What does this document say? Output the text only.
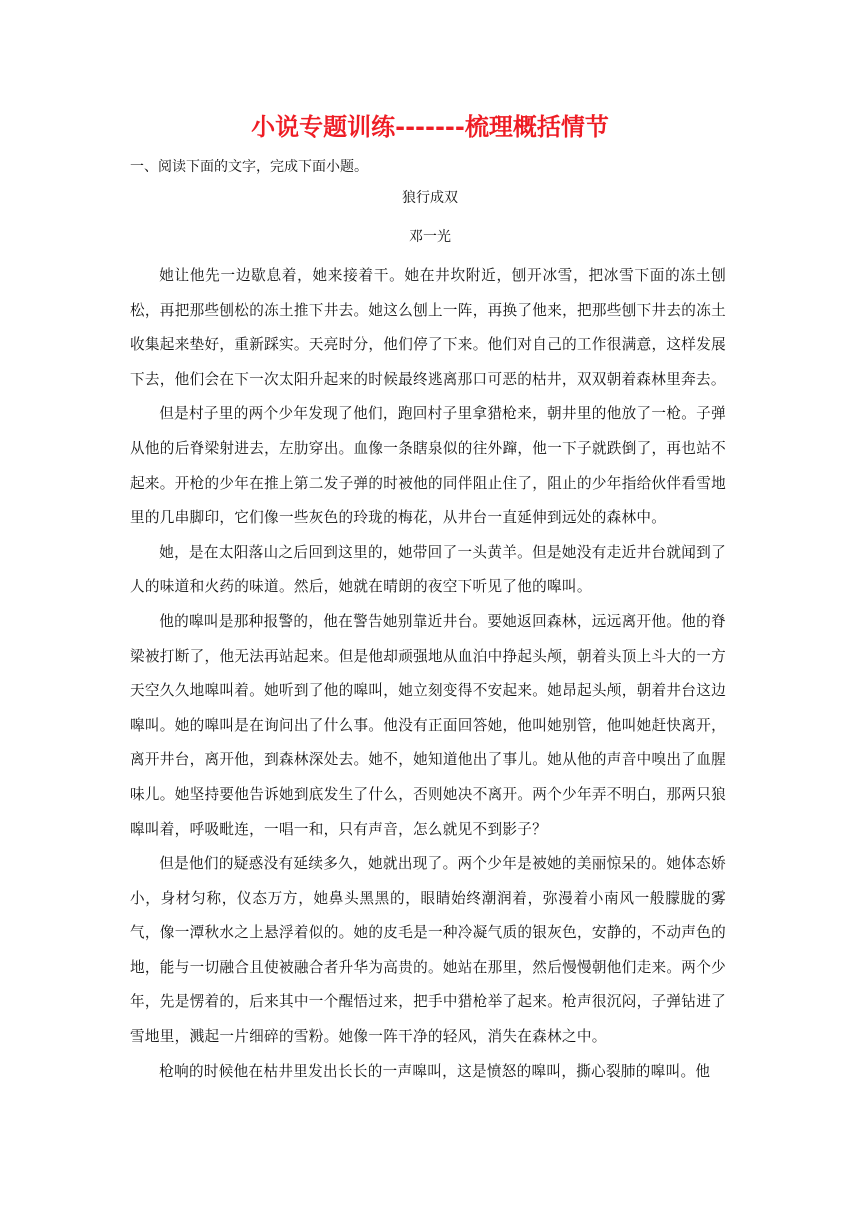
小说专题训练-------梳理概括情节

一、阅读下面的文字，完成下面小题。

狼行成双

邓一光

她让他先一边歇息着，她来接着干。她在井坎附近，刨开冰雪，把冰雪下面的冻土刨松，再把那些刨松的冻土推下井去。她这么刨上一阵，再换了他来，把那些刨下井去的冻土收集起来垫好，重新踩实。天亮时分，他们停了下来。他们对自己的工作很满意，这样发展下去，他们会在下一次太阳升起来的时候最终逃离那口可恶的枯井，双双朝着森林里奔去。

但是村子里的两个少年发现了他们，跑回村子里拿猎枪来，朝井里的他放了一枪。子弹从他的后脊梁射进去，左肋穿出。血像一条瞎泉似的往外蹿，他一下子就跌倒了，再也站不起来。开枪的少年在推上第二发子弹的时被他的同伴阻止住了，阻止的少年指给伙伴看雪地里的几串脚印，它们像一些灰色的玲珑的梅花，从井台一直延伸到远处的森林中。

她，是在太阳落山之后回到这里的，她带回了一头黄羊。但是她没有走近井台就闻到了人的味道和火药的味道。然后，她就在晴朗的夜空下听见了他的嗥叫。

他的嗥叫是那种报警的，他在警告她别靠近井台。要她返回森林，远远离开他。他的脊梁被打断了，他无法再站起来。但是他却顽强地从血泊中挣起头颅，朝着头顶上斗大的一方天空久久地嗥叫着。她听到了他的嗥叫，她立刻变得不安起来。她昂起头颅，朝着井台这边嗥叫。她的嗥叫是在询问出了什么事。他没有正面回答她，他叫她别管，他叫她赶快离开，离开井台，离开他，到森林深处去。她不，她知道他出了事儿。她从他的声音中嗅出了血腥味儿。她坚持要他告诉她到底发生了什么，否则她决不离开。两个少年弄不明白，那两只狼嗥叫着，呼吸毗连，一唱一和，只有声音，怎么就见不到影子？

但是他们的疑惑没有延续多久，她就出现了。两个少年是被她的美丽惊呆的。她体态娇小，身材匀称，仪态万方，她鼻头黑黑的，眼睛始终潮润着，弥漫着小南风一般朦胧的雾气，像一潭秋水之上悬浮着似的。她的皮毛是一种冷凝气质的银灰色，安静的，不动声色的地，能与一切融合且使被融合者升华为高贵的。她站在那里，然后慢慢朝他们走来。两个少年，先是愣着的，后来其中一个醒悟过来，把手中猎枪举了起来。枪声很沉闷，子弹钻进了雪地里，溅起一片细碎的雪粉。她像一阵干净的轻风，消失在森林之中。

枪响的时候他在枯井里发出长长的一声嗥叫，这是愤怒的嗥叫，撕心裂肺的嗥叫。他
